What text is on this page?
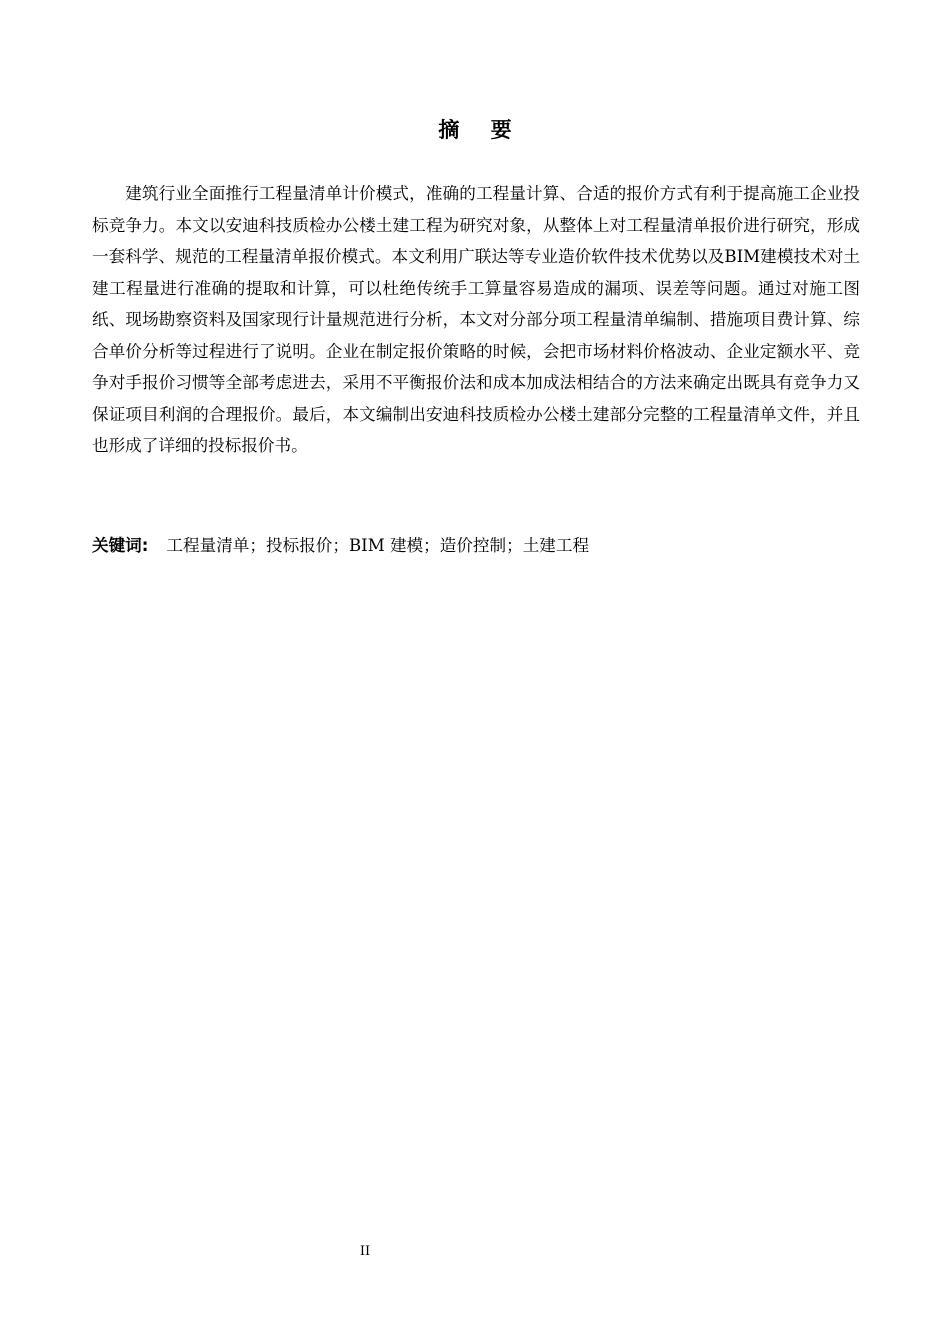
摘 要

建筑行业全面推行工程量清单计价模式，准确的工程量计算、合适的报价方式有利于提高施工企业投标竞争力。本文以安迪科技质检办公楼土建工程为研究对象，从整体上对工程量清单报价进行研究，形成一套科学、规范的工程量清单报价模式。本文利用广联达等专业造价软件技术优势以及BIM建模技术对土建工程量进行准确的提取和计算，可以杜绝传统手工算量容易造成的漏项、误差等问题。通过对施工图纸、现场勘察资料及国家现行计量规范进行分析，本文对分部分项工程量清单编制、措施项目费计算、综合单价分析等过程进行了说明。企业在制定报价策略的时候，会把市场材料价格波动、企业定额水平、竞争对手报价习惯等全部考虑进去，采用不平衡报价法和成本加成法相结合的方法来确定出既具有竞争力又保证项目利润的合理报价。最后，本文编制出安迪科技质检办公楼土建部分完整的工程量清单文件，并且也形成了详细的投标报价书。

关键词: 工程量清单；投标报价；BIM 建模；造价控制；土建工程

II
